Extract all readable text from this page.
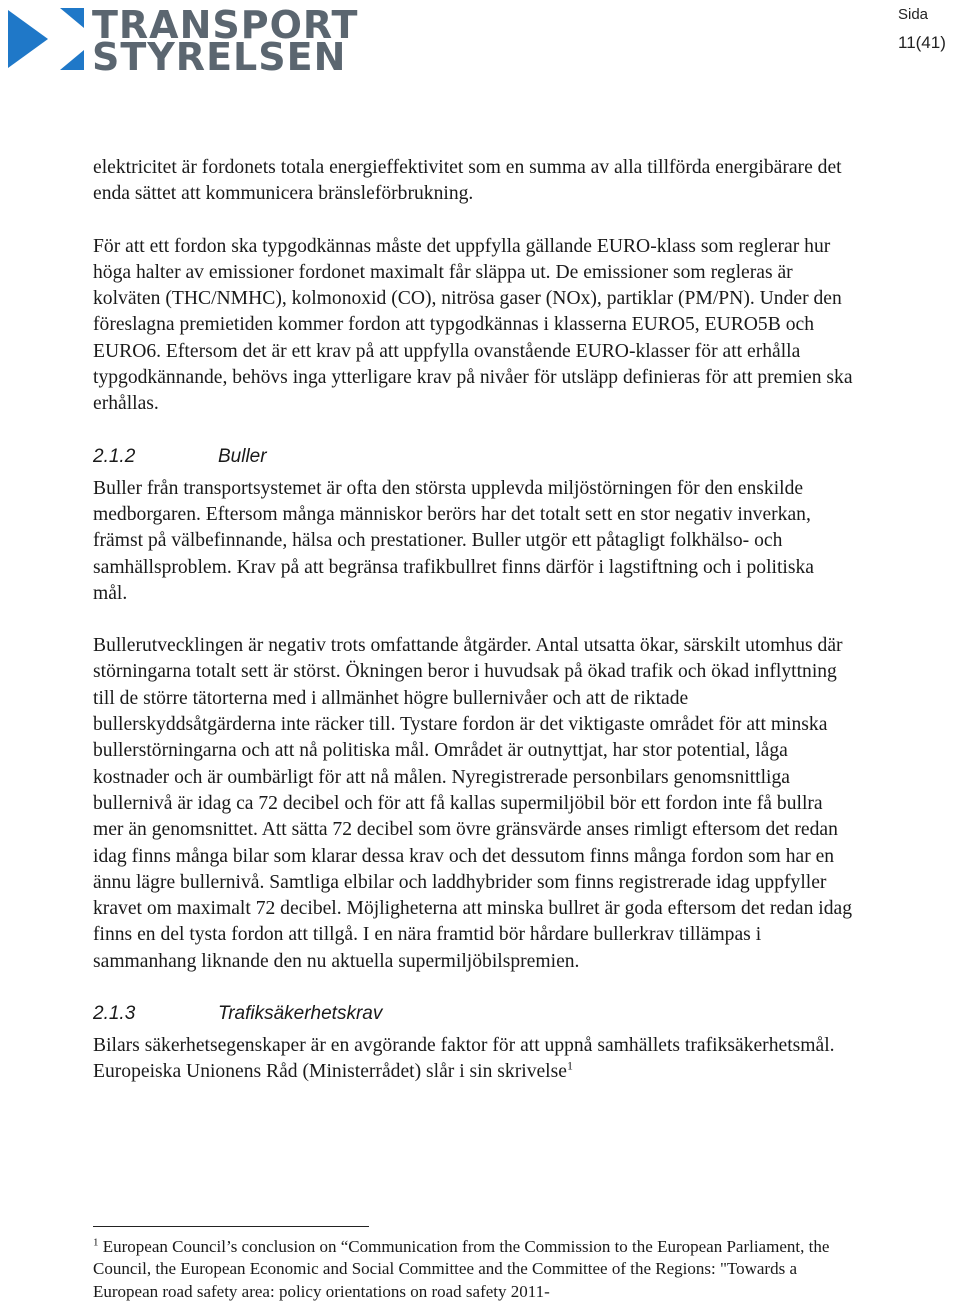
TRANSPORT
STYRELSEN
Sida
11(41)

elektricitet är fordonets totala energieffektivitet som en summa av alla tillförda energibärare det enda sättet att kommunicera bränsleförbrukning.

För att ett fordon ska typgodkännas måste det uppfylla gällande EURO-klass som reglerar hur höga halter av emissioner fordonet maximalt får släppa ut. De emissioner som regleras är kolväten (THC/NMHC), kolmonoxid (CO), nitrösa gaser (NOx), partiklar (PM/PN). Under den föreslagna premietiden kommer fordon att typgodkännas i klasserna EURO5, EURO5B och EURO6. Eftersom det är ett krav på att uppfylla ovanstående EURO-klasser för att erhålla typgodkännande, behövs inga ytterligare krav på nivåer för utsläpp definieras för att premien ska erhållas.

2.1.2	Buller

Buller från transportsystemet är ofta den största upplevda miljöstörningen för den enskilde medborgaren. Eftersom många människor berörs har det totalt sett en stor negativ inverkan, främst på välbefinnande, hälsa och prestationer. Buller utgör ett påtagligt folkhälso- och samhällsproblem. Krav på att begränsa trafikbullret finns därför i lagstiftning och i politiska mål.

Bullerutvecklingen är negativ trots omfattande åtgärder. Antal utsatta ökar, särskilt utomhus där störningarna totalt sett är störst. Ökningen beror i huvudsak på ökad trafik och ökad inflyttning till de större tätorterna med i allmänhet högre bullernivåer och att de riktade bullerskyddsåtgärderna inte räcker till. Tystare fordon är det viktigaste området för att minska bullerstörningarna och att nå politiska mål. Området är outnyttjat, har stor potential, låga kostnader och är oumbärligt för att nå målen. Nyregistrerade personbilars genomsnittliga bullernivå är idag ca 72 decibel och för att få kallas supermiljöbil bör ett fordon inte få bullra mer än genomsnittet. Att sätta 72 decibel som övre gränsvärde anses rimligt eftersom det redan idag finns många bilar som klarar dessa krav och det dessutom finns många fordon som har en ännu lägre bullernivå. Samtliga elbilar och laddhybrider som finns registrerade idag uppfyller kravet om maximalt 72 decibel. Möjligheterna att minska bullret är goda eftersom det redan idag finns en del tysta fordon att tillgå. I en nära framtid bör hårdare bullerkrav tillämpas i sammanhang liknande den nu aktuella supermiljöbilspremien.

2.1.3	Trafiksäkerhetskrav

Bilars säkerhetsegenskaper är en avgörande faktor för att uppnå samhällets trafiksäkerhetsmål. Europeiska Unionens Råd (Ministerrådet) slår i sin skrivelse$^1$

$^1$ European Council’s conclusion on “Communication from the Commission to the European Parliament, the Council, the European Economic and Social Committee and the Committee of the Regions: "Towards a European road safety area: policy orientations on road safety 2011-
